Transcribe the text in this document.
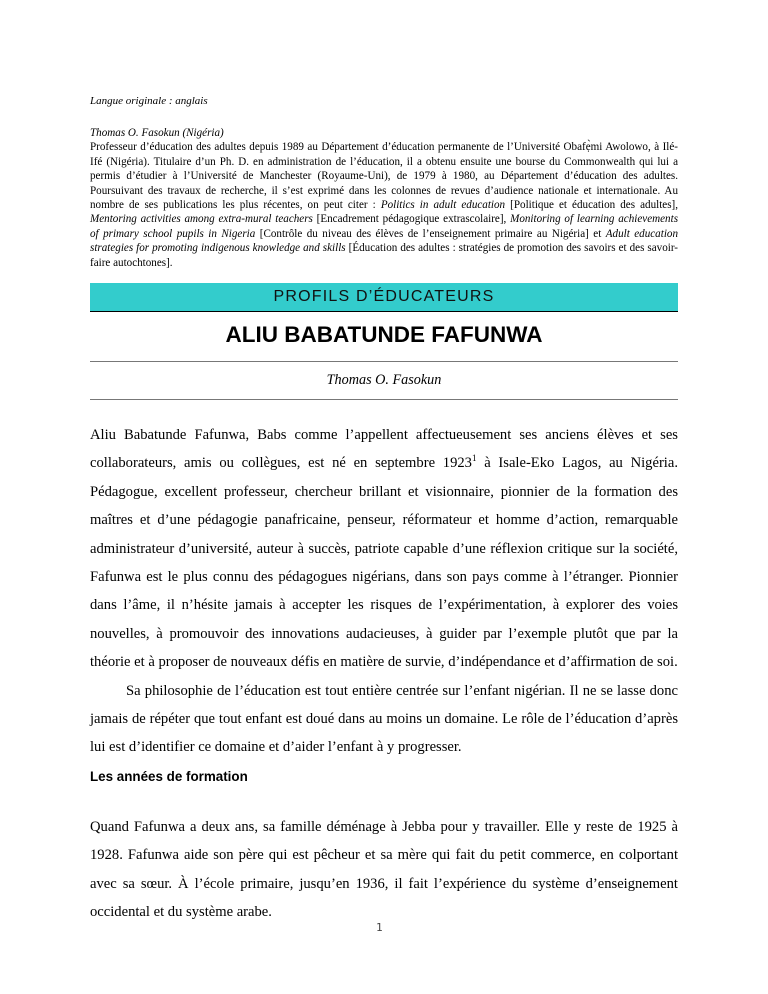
Langue originale : anglais
Thomas O. Fasokun (Nigéria)
Professeur d’éducation des adultes depuis 1989 au Département d’éducation permanente de l’Université Obafẹ̀mi Awolowo, à Ilé-Ifé (Nigéria). Titulaire d’un Ph. D. en administration de l’éducation, il a obtenu ensuite une bourse du Commonwealth qui lui a permis d’étudier à l’Université de Manchester (Royaume-Uni), de 1979 à 1980, au Département d’éducation des adultes. Poursuivant des travaux de recherche, il s’est exprimé dans les colonnes de revues d’audience nationale et internationale. Au nombre de ses publications les plus récentes, on peut citer : Politics in adult education [Politique et éducation des adultes], Mentoring activities among extra-mural teachers [Encadrement pédagogique extrascolaire], Monitoring of learning achievements of primary school pupils in Nigeria [Contrôle du niveau des élèves de l’enseignement primaire au Nigéria] et Adult education strategies for promoting indigenous knowledge and skills [Éducation des adultes : stratégies de promotion des savoirs et des savoir-faire autochtones].
PROFILS D’ÉDUCATEURS
ALIU BABATUNDE FAFUNWA
Thomas O. Fasokun

Aliu Babatunde Fafunwa, Babs comme l’appellent affectueusement ses anciens élèves et ses collaborateurs, amis ou collègues, est né en septembre 1923$^1$ à Isale-Eko Lagos, au Nigéria. Pédagogue, excellent professeur, chercheur brillant et visionnaire, pionnier de la formation des maîtres et d’une pédagogie panafricaine, penseur, réformateur et homme d’action, remarquable administrateur d’université, auteur à succès, patriote capable d’une réflexion critique sur la société, Fafunwa est le plus connu des pédagogues nigérians, dans son pays comme à l’étranger. Pionnier dans l’âme, il n’hésite jamais à accepter les risques de l’expérimentation, à explorer des voies nouvelles, à promouvoir des innovations audacieuses, à guider par l’exemple plutôt que par la théorie et à proposer de nouveaux défis en matière de survie, d’indépendance et d’affirmation de soi.

Sa philosophie de l’éducation est tout entière centrée sur l’enfant nigérian. Il ne se lasse donc jamais de répéter que tout enfant est doué dans au moins un domaine. Le rôle de l’éducation d’après lui est d’identifier ce domaine et d’aider l’enfant à y progresser.

Les années de formation

Quand Fafunwa a deux ans, sa famille déménage à Jebba pour y travailler. Elle y reste de 1925 à 1928. Fafunwa aide son père qui est pêcheur et sa mère qui fait du petit commerce, en colportant avec sa sœur. À l’école primaire, jusqu’en 1936, il fait l’expérience du système d’enseignement occidental et du système arabe.

1
